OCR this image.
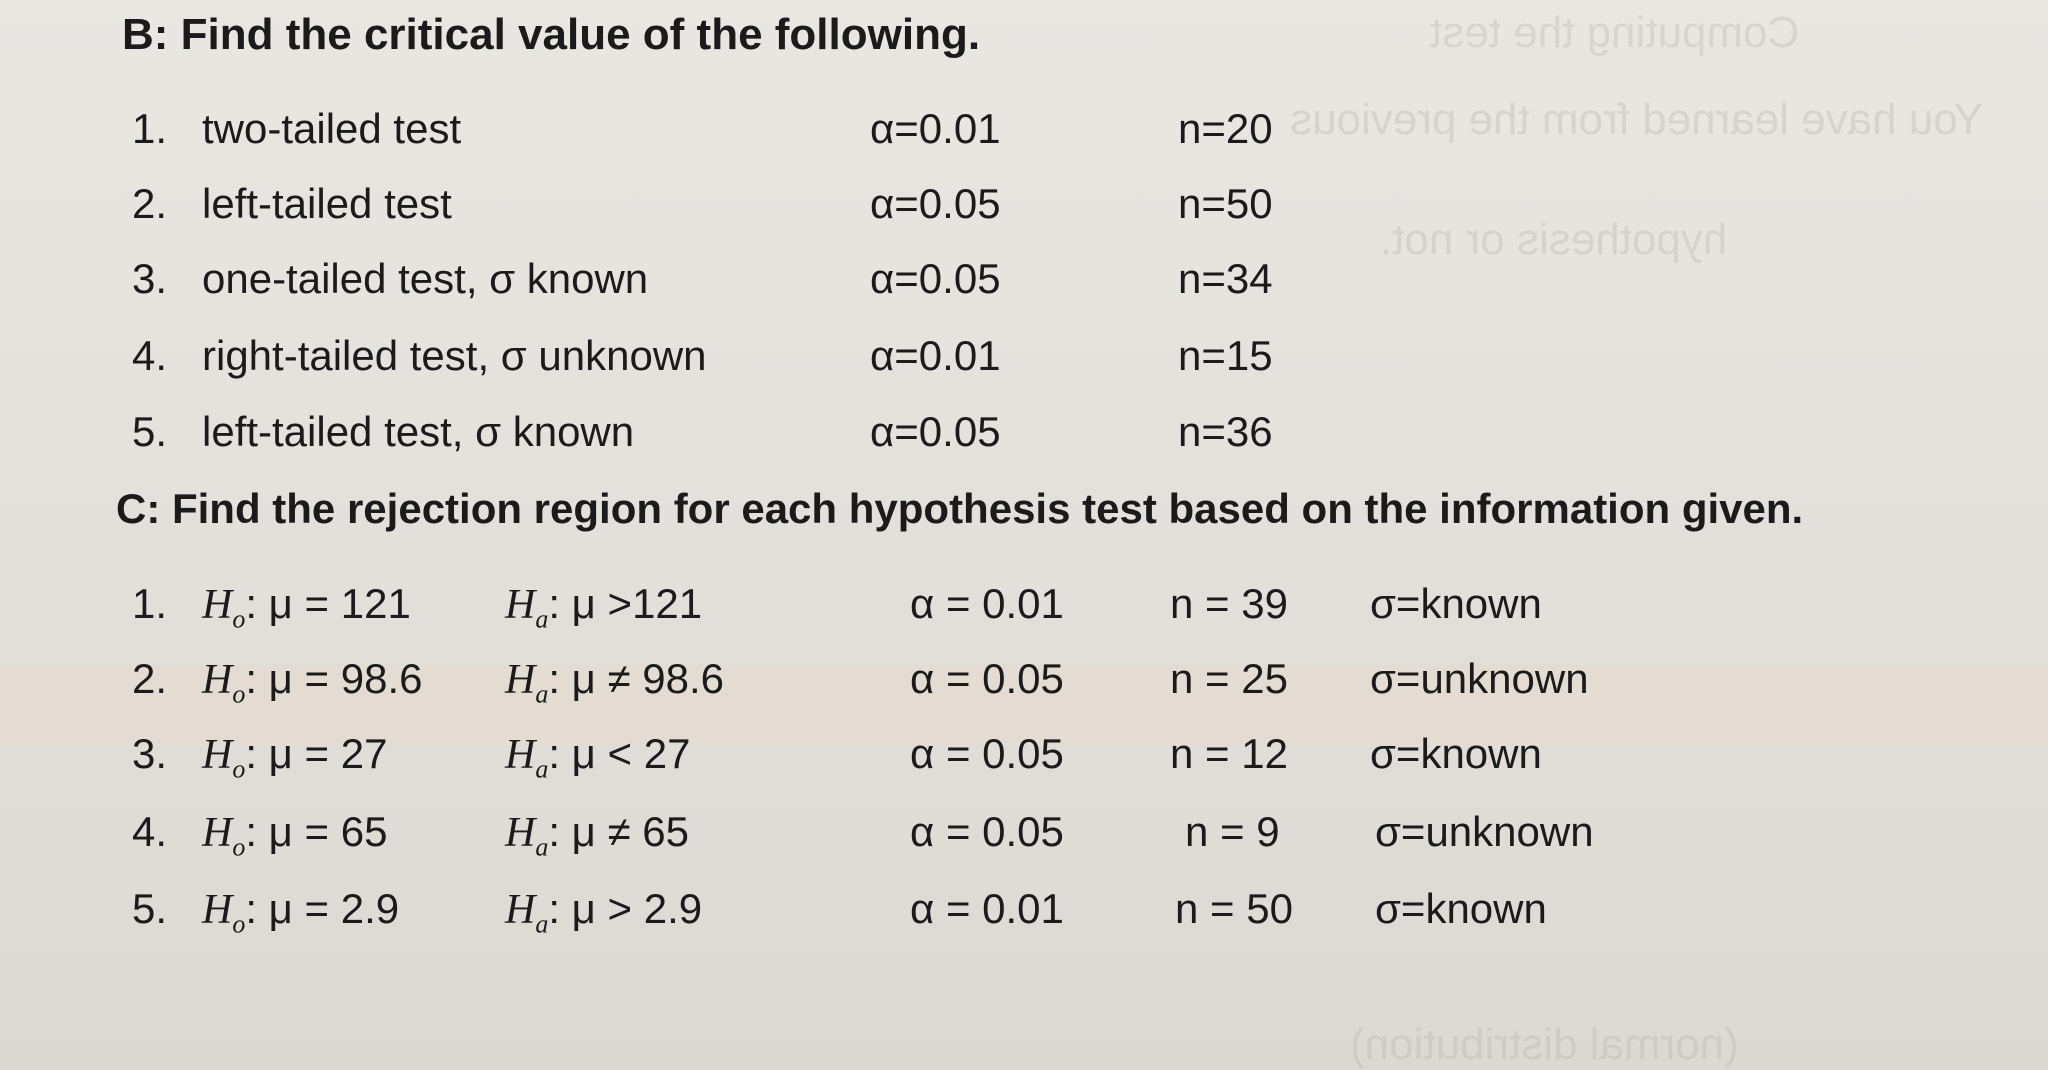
Computing the test
You have learned from the previous
hypothesis or not.
(normal distribution)
B: Find the critical value of the following.
1. two-tailed test	α=0.01	n=20
2. left-tailed test	α=0.05	n=50
3. one-tailed test, σ known	α=0.05	n=34
4. right-tailed test, σ unknown	α=0.01	n=15
5. left-tailed test, σ known	α=0.05	n=36
C: Find the rejection region for each hypothesis test based on the information given.
1. $H_o$: μ = 121 $H_a$: μ >121	α = 0.01	n = 39 σ=known
2. $H_o$: μ = 98.6 $H_a$: μ ≠ 98.6	α = 0.05	n = 25 σ=unknown
3. $H_o$: μ = 27	$H_a$: μ < 27	α = 0.05	n = 12 σ=known
4. $H_o$: μ = 65	$H_a$: μ ≠ 65	α = 0.05	n = 9 σ=unknown
5. $H_o$: μ = 2.9	$H_a$: μ > 2.9	α = 0.01	n = 50 σ=known
